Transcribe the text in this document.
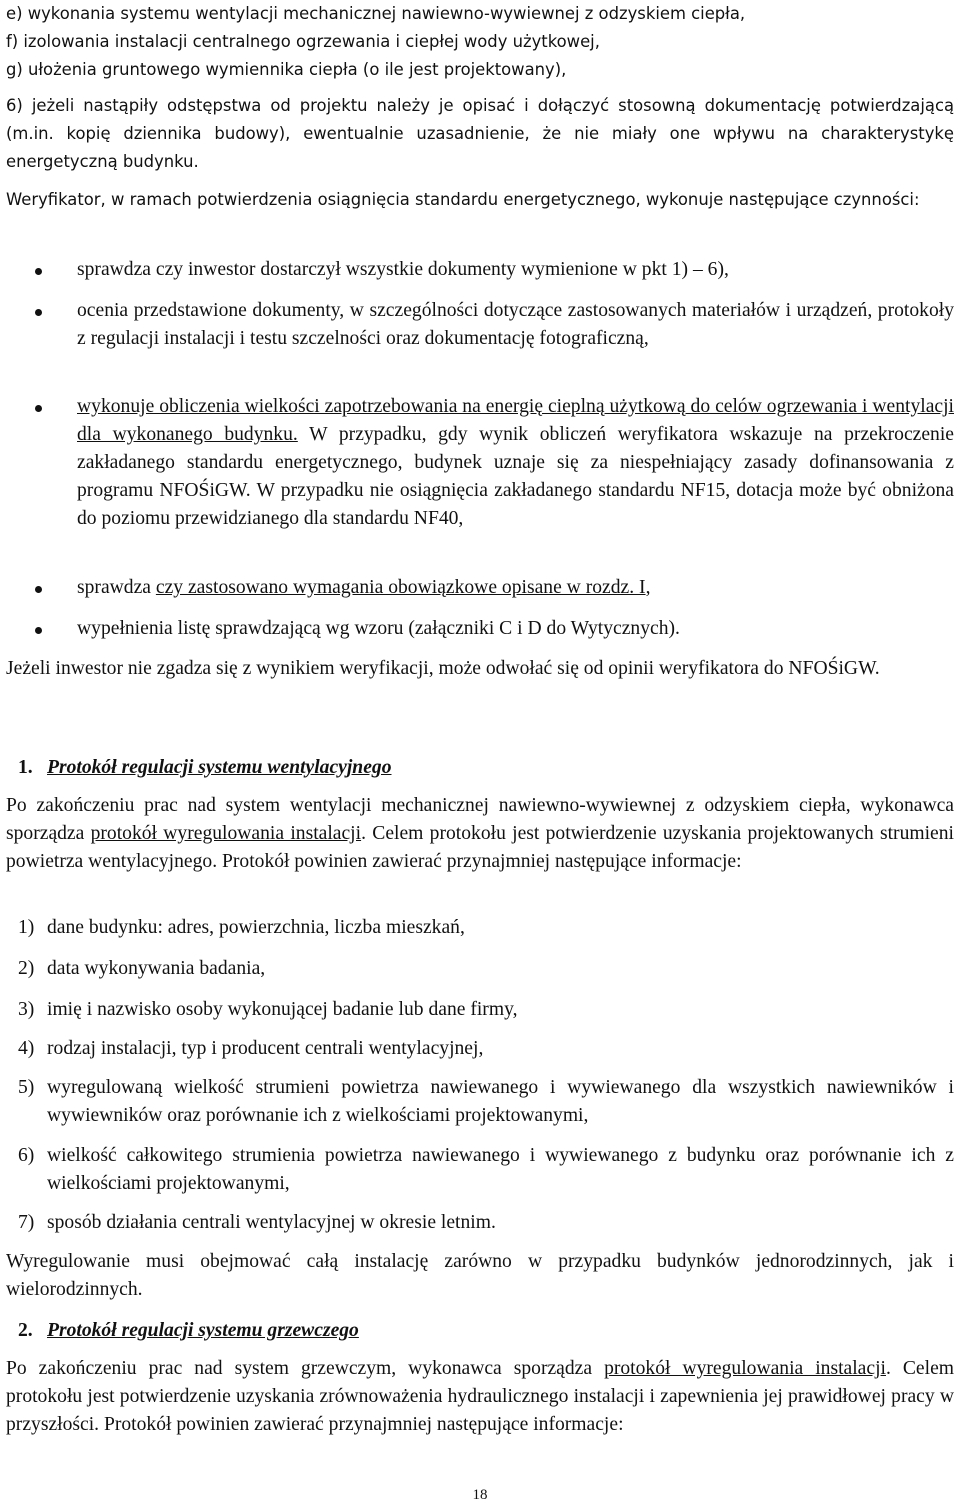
e) wykonania systemu wentylacji mechanicznej nawiewno-wywiewnej z odzyskiem ciepła,

f) izolowania instalacji centralnego ogrzewania i ciepłej wody użytkowej,

g) ułożenia gruntowego wymiennika ciepła (o ile jest projektowany),

6) jeżeli nastąpiły odstępstwa od projektu należy je opisać i dołączyć stosowną dokumentację potwierdzającą (m.in. kopię dziennika budowy), ewentualnie uzasadnienie, że nie miały one wpływu na charakterystykę energetyczną budynku.

Weryfikator, w ramach potwierdzenia osiągnięcia standardu energetycznego, wykonuje następujące czynności:

sprawdza czy inwestor dostarczył wszystkie dokumenty wymienione w pkt 1) – 6),
ocenia przedstawione dokumenty, w szczególności dotyczące zastosowanych materiałów i urządzeń, protokoły z regulacji instalacji i testu szczelności oraz dokumentację fotograficzną,
wykonuje obliczenia wielkości zapotrzebowania na energię cieplną użytkową do celów ogrzewania i wentylacji dla wykonanego budynku. W przypadku, gdy wynik obliczeń weryfikatora wskazuje na przekroczenie zakładanego standardu energetycznego, budynek uznaje się za niespełniający zasady dofinansowania z programu NFOŚiGW. W przypadku nie osiągnięcia zakładanego standardu NF15, dotacja może być obniżona do poziomu przewidzianego dla standardu NF40,
sprawdza czy zastosowano wymagania obowiązkowe opisane w rozdz. I,
wypełnienia listę sprawdzającą wg wzoru (załączniki C i D do Wytycznych).

Jeżeli inwestor nie zgadza się z wynikiem weryfikacji, może odwołać się od opinii weryfikatora do NFOŚiGW.

1. Protokół regulacji systemu wentylacyjnego

Po zakończeniu prac nad system wentylacji mechanicznej nawiewno-wywiewnej z odzyskiem ciepła, wykonawca sporządza protokół wyregulowania instalacji. Celem protokołu jest potwierdzenie uzyskania projektowanych strumieni powietrza wentylacyjnego. Protokół powinien zawierać przynajmniej następujące informacje:

1) dane budynku: adres, powierzchnia, liczba mieszkań,
2) data wykonywania badania,
3) imię i nazwisko osoby wykonującej badanie lub dane firmy,
4) rodzaj instalacji, typ i producent centrali wentylacyjnej,
5) wyregulowaną wielkość strumieni powietrza nawiewanego i wywiewanego dla wszystkich nawiewników i wywiewników oraz porównanie ich z wielkościami projektowanymi,
6) wielkość całkowitego strumienia powietrza nawiewanego i wywiewanego z budynku oraz porównanie ich z wielkościami projektowanymi,
7) sposób działania centrali wentylacyjnej w okresie letnim.

Wyregulowanie musi obejmować całą instalację zarówno w przypadku budynków jednorodzinnych, jak i wielorodzinnych.

2. Protokół regulacji systemu grzewczego

Po zakończeniu prac nad system grzewczym, wykonawca sporządza protokół wyregulowania instalacji. Celem protokołu jest potwierdzenie uzyskania zrównoważenia hydraulicznego instalacji i zapewnienia jej prawidłowej pracy w przyszłości. Protokół powinien zawierać przynajmniej następujące informacje:

18
